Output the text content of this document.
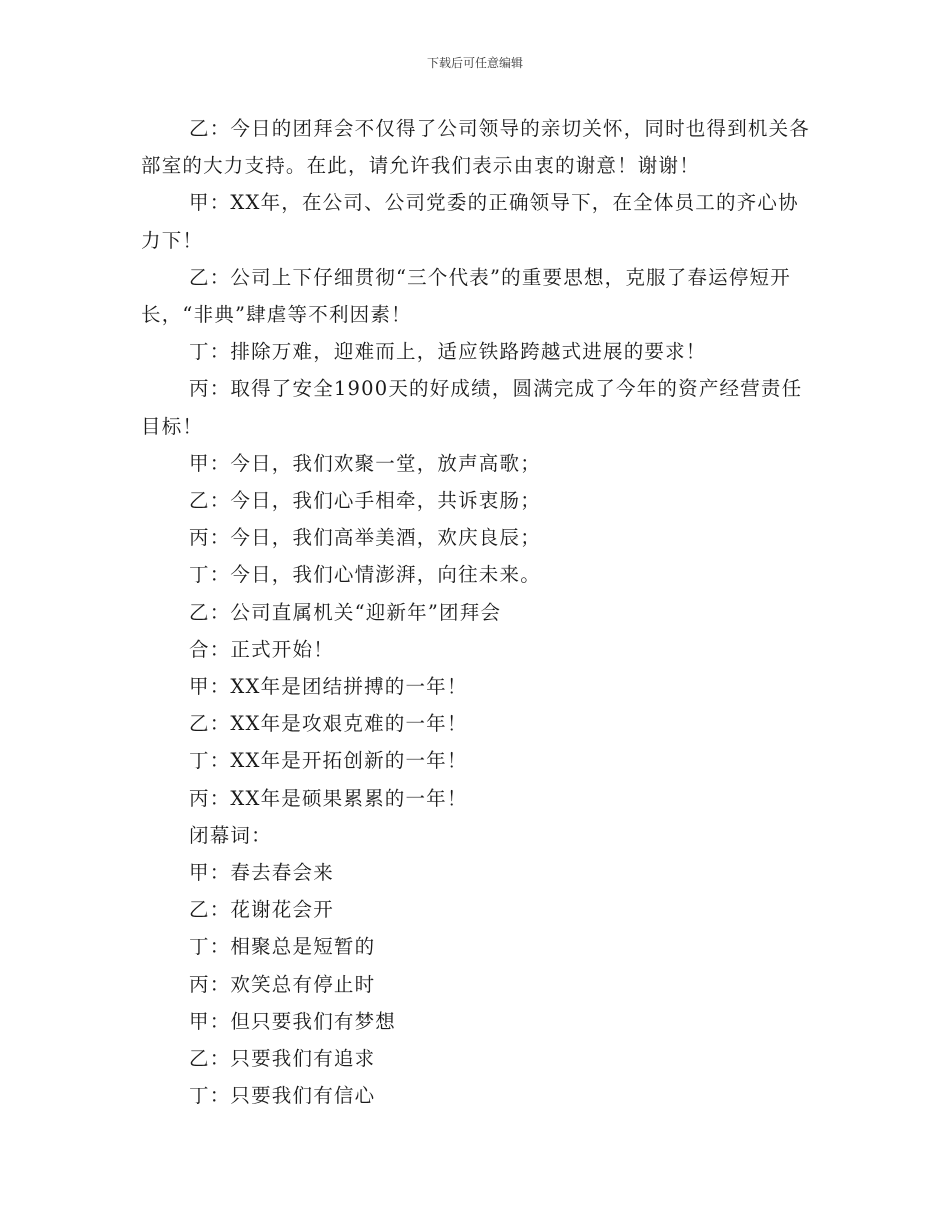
下载后可任意编辑

乙：今日的团拜会不仅得了公司领导的亲切关怀，同时也得到机关各部室的大力支持。在此，请允许我们表示由衷的谢意！谢谢！

甲：XX年，在公司、公司党委的正确领导下，在全体员工的齐心协力下！

乙：公司上下仔细贯彻“三个代表”的重要思想，克服了春运停短开长，“非典”肆虐等不利因素！

丁：排除万难，迎难而上，适应铁路跨越式进展的要求！

丙：取得了安全1900天的好成绩，圆满完成了今年的资产经营责任目标！

甲：今日，我们欢聚一堂，放声高歌；

乙：今日，我们心手相牵，共诉衷肠；

丙：今日，我们高举美酒，欢庆良辰；

丁：今日，我们心情澎湃，向往未来。

乙：公司直属机关“迎新年”团拜会

合：正式开始！

甲：XX年是团结拼搏的一年！

乙：XX年是攻艰克难的一年！

丁：XX年是开拓创新的一年！

丙：XX年是硕果累累的一年！

闭幕词：

甲：春去春会来

乙：花谢花会开

丁：相聚总是短暂的

丙：欢笑总有停止时

甲：但只要我们有梦想

乙：只要我们有追求

丁：只要我们有信心
